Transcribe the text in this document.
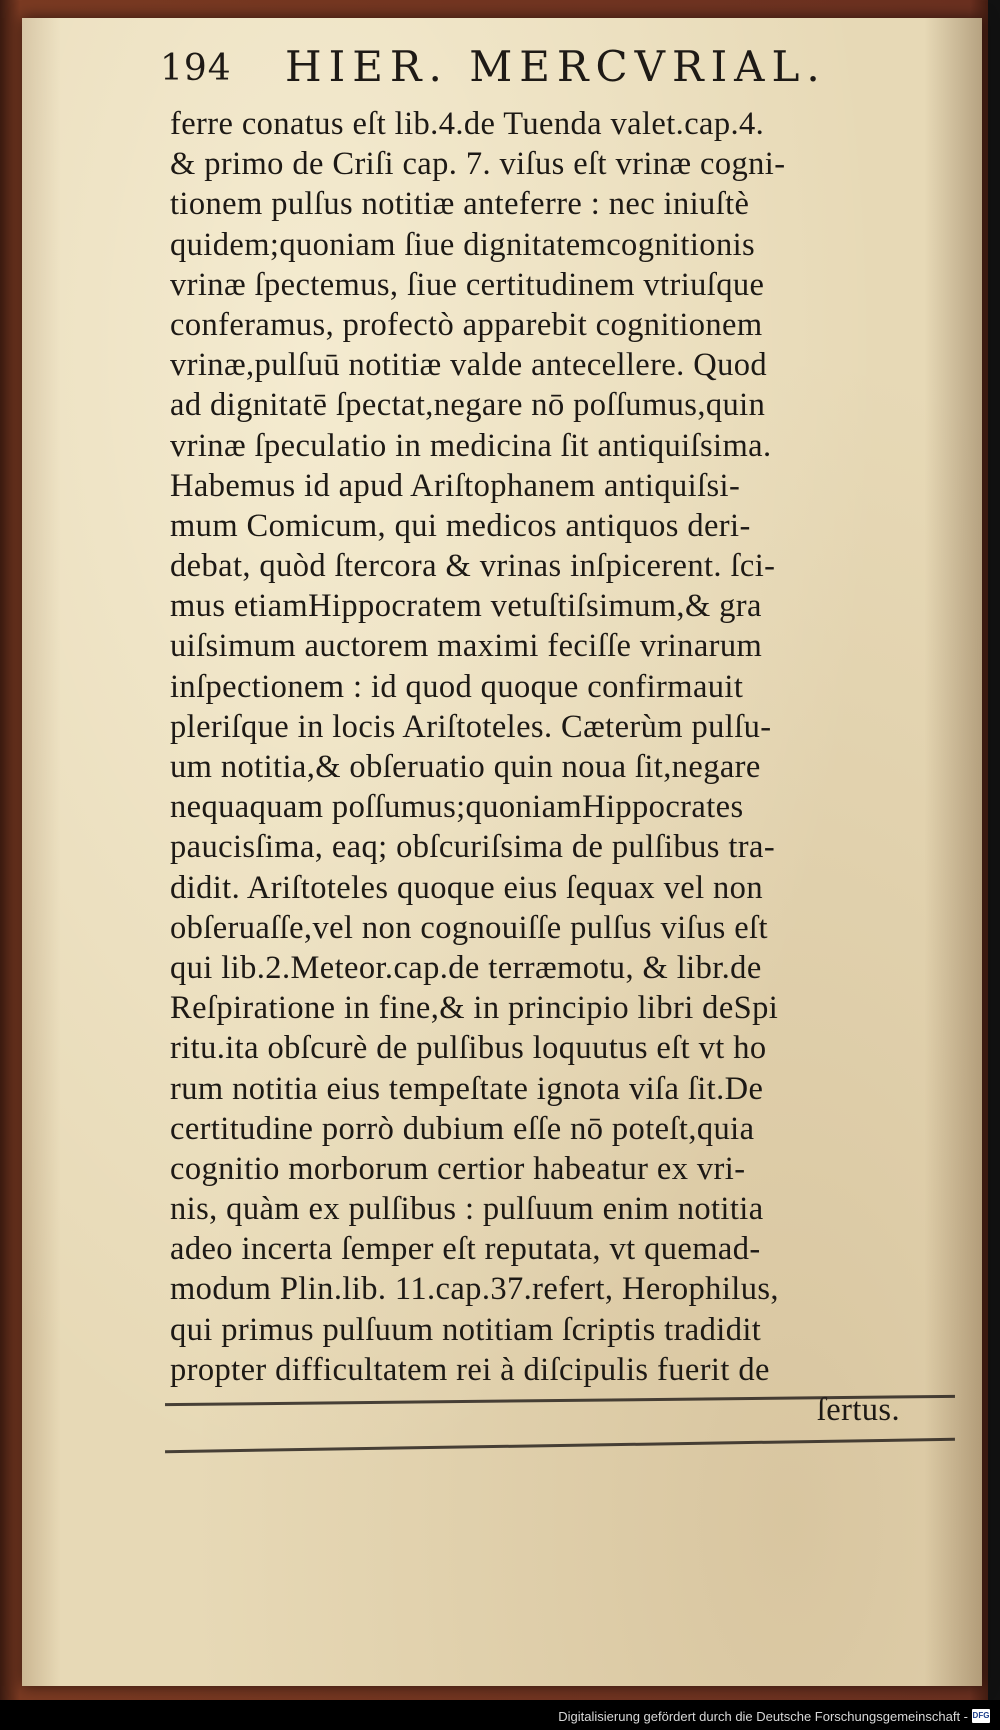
194 HIER. MERCVRIAL.
ferre conatus eſt lib.4.de Tuenda valet.cap.4.
& primo de Criſi cap. 7. viſus eſt vrinæ cogni-
tionem pulſus notitiæ anteferre : nec iniuſtè
quidem;quoniam ſiue dignitatemcognitionis
vrinæ ſpectemus, ſiue certitudinem vtriuſque
conferamus, profectò apparebit cognitionem
vrinæ,pulſuū notitiæ valde antecellere. Quod
ad dignitatē ſpectat,negare nō poſſumus,quin
vrinæ ſpeculatio in medicina ſit antiquiſsima.
Habemus id apud Ariſtophanem antiquiſsi-
mum Comicum, qui medicos antiquos deri-
debat, quòd ſtercora & vrinas inſpicerent. ſci-
mus etiamHippocratem vetuſtiſsimum,& gra
uiſsimum auctorem maximi feciſſe vrinarum
inſpectionem : id quod quoque confirmauit
pleriſque in locis Ariſtoteles. Cæterùm pulſu-
um notitia,& obſeruatio quin noua ſit,negare
nequaquam poſſumus;quoniamHippocrates
paucisſima, eaq; obſcuriſsima de pulſibus tra-
didit. Ariſtoteles quoque eius ſequax vel non
obſeruaſſe,vel non cognouiſſe pulſus viſus eſt
qui lib.2.Meteor.cap.de terræmotu, & libr.de
Reſpiratione in fine,& in principio libri deSpi
ritu.ita obſcurè de pulſibus loquutus eſt vt ho
rum notitia eius tempeſtate ignota viſa ſit.De
certitudine porrò dubium eſſe nō poteſt,quia
cognitio morborum certior habeatur ex vri-
nis, quàm ex pulſibus : pulſuum enim notitia
adeo incerta ſemper eſt reputata, vt quemad-
modum Plin.lib. 11.cap.37.refert, Herophilus,
qui primus pulſuum notitiam ſcriptis tradidit
propter difficultatem rei à diſcipulis fuerit de
ſertus.
Digitalisierung gefördert durch die Deutsche Forschungsgemeinschaft - DFG
